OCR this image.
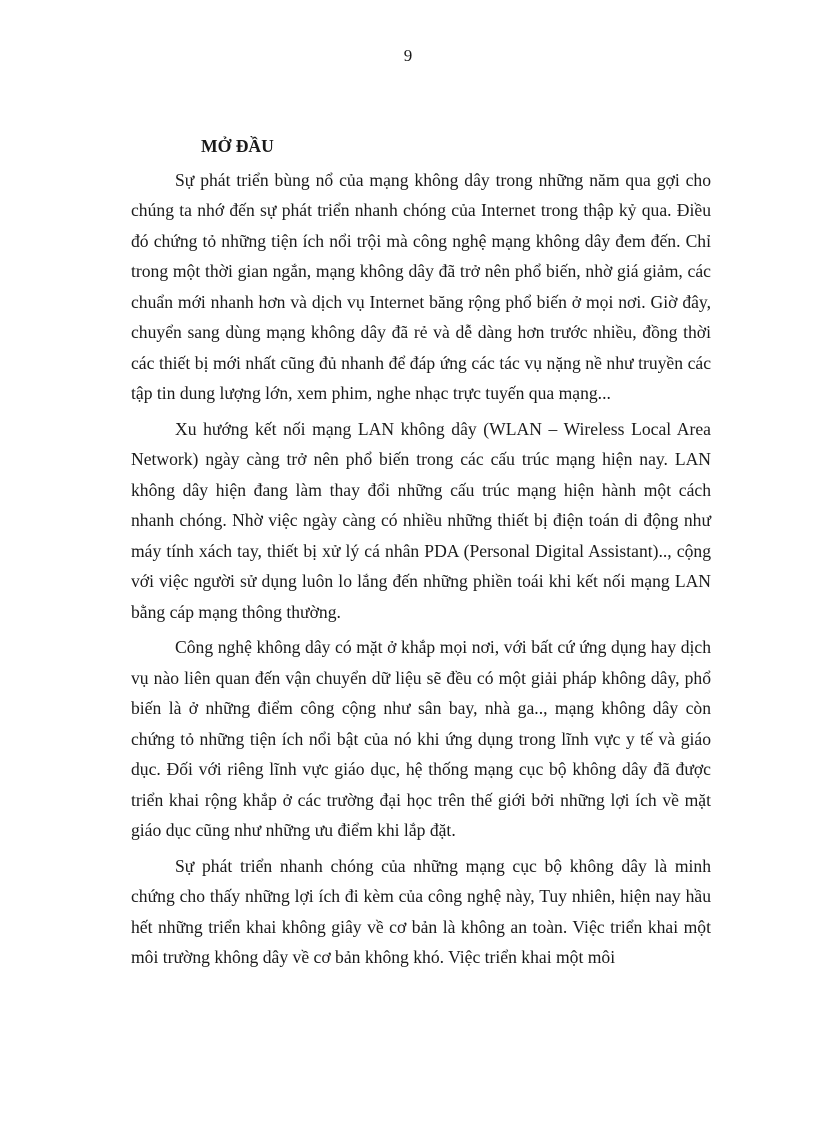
9

MỞ ĐẦU

Sự phát triển bùng nổ của mạng không dây trong những năm qua gợi cho chúng ta nhớ đến sự phát triển nhanh chóng của Internet trong thập kỷ qua. Điều đó chứng tỏ những tiện ích nổi trội mà công nghệ mạng không dây đem đến. Chỉ trong một thời gian ngắn, mạng không dây đã trở nên phổ biến, nhờ giá giảm, các chuẩn mới nhanh hơn và dịch vụ Internet băng rộng phổ biến ở mọi nơi. Giờ đây, chuyển sang dùng mạng không dây đã rẻ và dễ dàng hơn trước nhiều, đồng thời các thiết bị mới nhất cũng đủ nhanh để đáp ứng các tác vụ nặng nề như truyền các tập tin dung lượng lớn, xem phim, nghe nhạc trực tuyến qua mạng...

Xu hướng kết nối mạng LAN không dây (WLAN – Wireless Local Area Network) ngày càng trở nên phổ biến trong các cấu trúc mạng hiện nay. LAN không dây hiện đang làm thay đổi những cấu trúc mạng hiện hành một cách nhanh chóng. Nhờ việc ngày càng có nhiều những thiết bị điện toán di động như máy tính xách tay, thiết bị xử lý cá nhân PDA (Personal Digital Assistant).., cộng với việc người sử dụng luôn lo lắng đến những phiền toái khi kết nối mạng LAN bằng cáp mạng thông thường.

Công nghệ không dây có mặt ở khắp mọi nơi, với bất cứ ứng dụng hay dịch vụ nào liên quan đến vận chuyển dữ liệu sẽ đều có một giải pháp không dây, phổ biến là ở những điểm công cộng như sân bay, nhà ga.., mạng không dây còn chứng tỏ những tiện ích nổi bật của nó khi ứng dụng trong lĩnh vực y tế và giáo dục. Đối với riêng lĩnh vực giáo dục, hệ thống mạng cục bộ không dây đã được triển khai rộng khắp ở các trường đại học trên thế giới bởi những lợi ích về mặt giáo dục cũng như những ưu điểm khi lắp đặt.

Sự phát triển nhanh chóng của những mạng cục bộ không dây là minh chứng cho thấy những lợi ích đi kèm của công nghệ này, Tuy nhiên, hiện nay hầu hết những triển khai không giây về cơ bản là không an toàn. Việc triển khai một môi trường không dây về cơ bản không khó. Việc triển khai một môi
